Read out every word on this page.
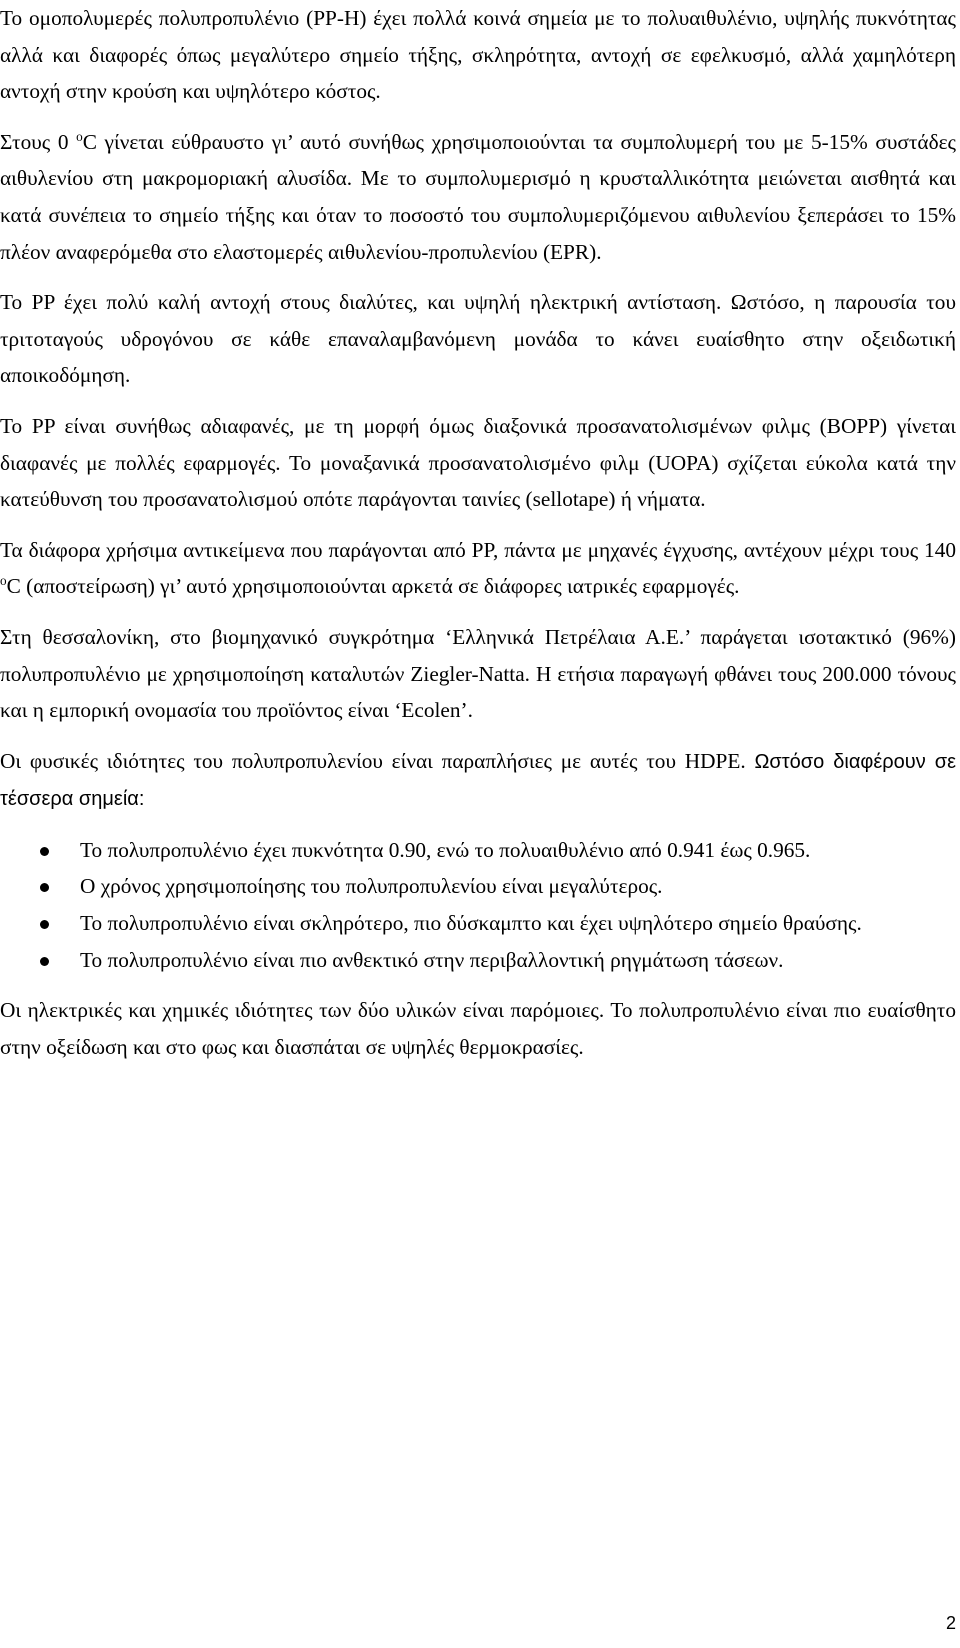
Το ομοπολυμερές πολυπροπυλένιο (PP-H) έχει πολλά κοινά σημεία με το πολυαιθυλένιο, υψηλής πυκνότητας αλλά και διαφορές όπως μεγαλύτερο σημείο τήξης, σκληρότητα, αντοχή σε εφελκυσμό, αλλά χαμηλότερη αντοχή στην κρούση και υψηλότερο κόστος.

Στους 0 $^o$C γίνεται εύθραυστο γι’ αυτό συνήθως χρησιμοποιούνται τα συμπολυμερή του με 5-15% συστάδες αιθυλενίου στη μακρομοριακή αλυσίδα. Με το συμπολυμερισμό η κρυσταλλικότητα μειώνεται αισθητά και κατά συνέπεια το σημείο τήξης και όταν το ποσοστό του συμπολυμεριζόμενου αιθυλενίου ξεπεράσει το 15% πλέον αναφερόμεθα στο ελαστομερές αιθυλενίου-προπυλενίου (EPR).

Το PP έχει πολύ καλή αντοχή στους διαλύτες, και υψηλή ηλεκτρική αντίσταση. Ωστόσο, η παρουσία του τριτοταγούς υδρογόνου σε κάθε επαναλαμβανόμενη μονάδα το κάνει ευαίσθητο στην οξειδωτική αποικοδόμηση.

Το PP είναι συνήθως αδιαφανές, με τη μορφή όμως διαξονικά προσανατολισμένων φιλμς (BOPP) γίνεται διαφανές με πολλές εφαρμογές. Το μοναξανικά προσανατολισμένο φιλμ (UOPA) σχίζεται εύκολα κατά την κατεύθυνση του προσανατολισμού οπότε παράγονται ταινίες (sellotape) ή νήματα.

Τα διάφορα χρήσιμα αντικείμενα που παράγονται από PP, πάντα με μηχανές έγχυσης, αντέχουν μέχρι τους 140 $^o$C (αποστείρωση) γι’ αυτό χρησιμοποιούνται αρκετά σε διάφορες ιατρικές εφαρμογές.

Στη θεσσαλονίκη, στο βιομηχανικό συγκρότημα ‘Ελληνικά Πετρέλαια Α.Ε.’ παράγεται ισοτακτικό (96%) πολυπροπυλένιο με χρησιμοποίηση καταλυτών Ziegler-Natta. Η ετήσια παραγωγή φθάνει τους 200.000 τόνους και η εμπορική ονομασία του προϊόντος είναι ‘Ecolen’.

Οι φυσικές ιδιότητες του πολυπροπυλενίου είναι παραπλήσιες με αυτές του HDPE. Ωστόσο διαφέρουν σε τέσσερα σημεία:

Το πολυπροπυλένιο έχει πυκνότητα 0.90, ενώ το πολυαιθυλένιο από 0.941 έως 0.965.
Ο χρόνος χρησιμοποίησης του πολυπροπυλενίου είναι μεγαλύτερος.
Το πολυπροπυλένιο είναι σκληρότερο, πιο δύσκαμπτο και έχει υψηλότερο σημείο θραύσης.
Το πολυπροπυλένιο είναι πιο ανθεκτικό στην περιβαλλοντική ρηγμάτωση τάσεων.

Οι ηλεκτρικές και χημικές ιδιότητες των δύο υλικών είναι παρόμοιες. Το πολυπροπυλένιο είναι πιο ευαίσθητο στην οξείδωση και στο φως και διασπάται σε υψηλές θερμοκρασίες.

2
